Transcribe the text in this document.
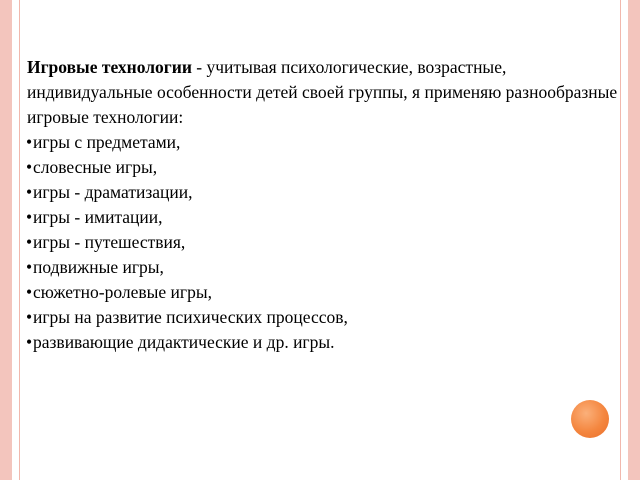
Игровые технологии - учитывая психологические, возрастные, индивидуальные особенности детей своей группы, я применяю разнообразные игровые технологии:

• игры с предметами,
• словесные игры,
• игры - драматизации,
• игры - имитации,
• игры - путешествия,
• подвижные игры,
• сюжетно-ролевые игры,
• игры на развитие психических процессов,
• развивающие дидактические и др. игры.
